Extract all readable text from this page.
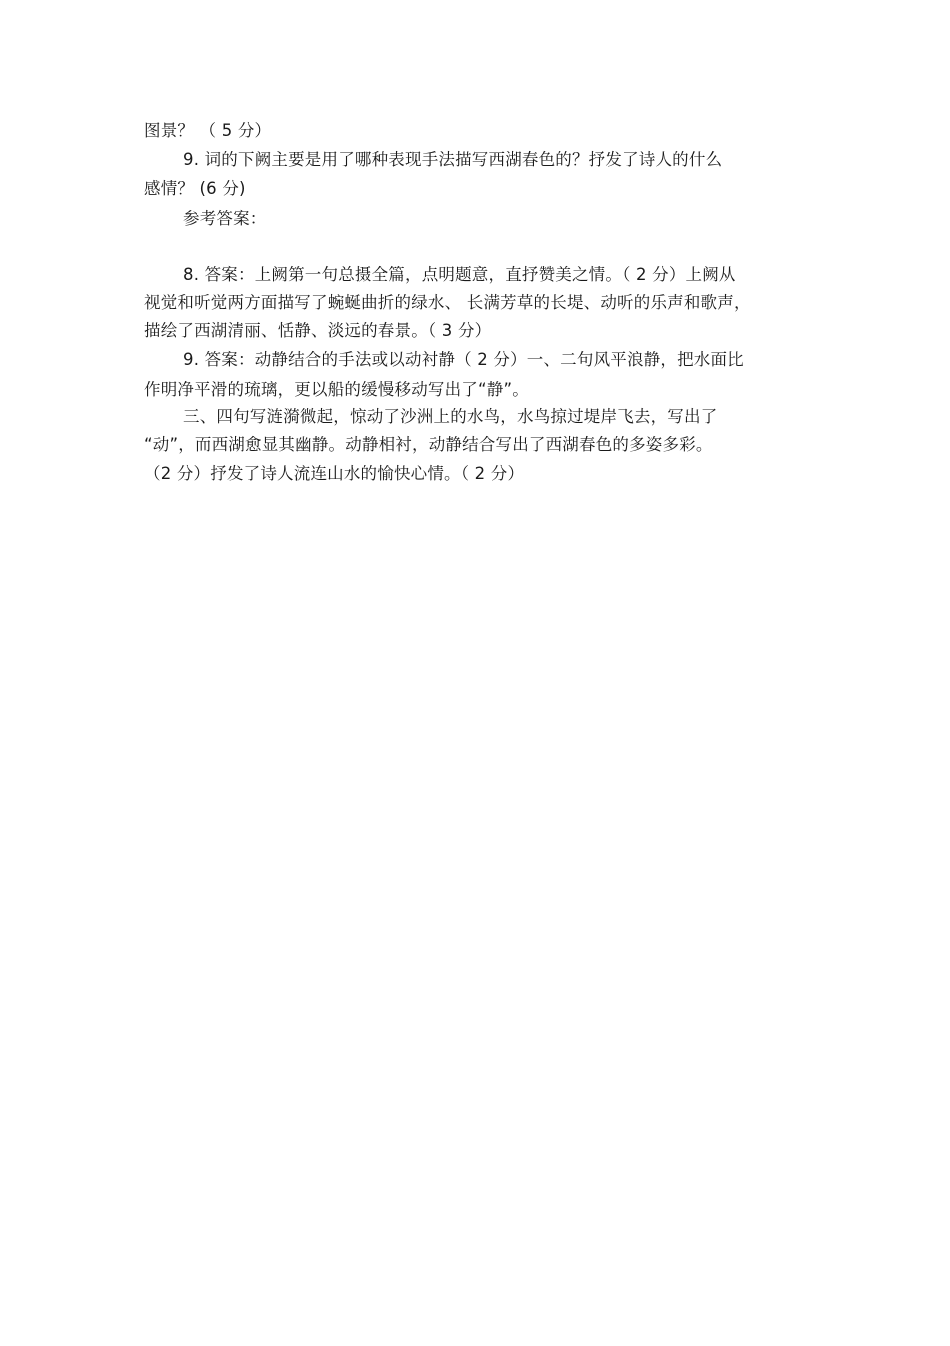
图景？ （ 5 分）
9. 词的下阙主要是用了哪种表现手法描写西湖春色的？抒发了诗人的什么
感情？ (6 分)
参考答案：
8. 答案：上阙第一句总摄全篇，点明题意，直抒赞美之情。（ 2 分）上阙从
视觉和听觉两方面描写了蜿蜒曲折的绿水、 长满芳草的长堤、动听的乐声和歌声，
描绘了西湖清丽、恬静、淡远的春景。（ 3 分）
9. 答案：动静结合的手法或以动衬静（ 2 分）一、二句风平浪静，把水面比
作明净平滑的琉璃，更以船的缓慢移动写出了“静”。
三、四句写涟漪微起，惊动了沙洲上的水鸟，水鸟掠过堤岸飞去，写出了
“动”，而西湖愈显其幽静。动静相衬，动静结合写出了西湖春色的多姿多彩。
（2 分）抒发了诗人流连山水的愉快心情。（ 2 分）
